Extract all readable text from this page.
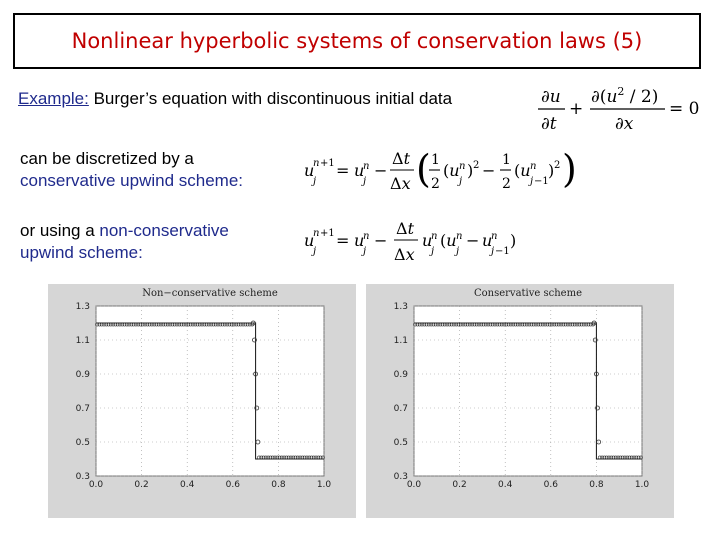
Nonlinear hyperbolic systems of conservation laws (5)
Example: Burger’s equation with discontinuous initial data	∂u
∂t
+
$\partial(u^2 / 2)$
∂x
= 0
can be discretized by a
conservative upwind scheme:
u
n +1
j
= u
n
j
−
Δt
Δx ( 1
2
(u n
j
) 2 −
1
2
(u n
j −1
) 2 )
or using a non-conservative
upwind scheme:
u
n +1
j
= u
n
j
−
Δt
Δx
u
n
j
(u n
j
− u
n
j −1
)
Non−conservative scheme
0.0	0.2	0.4	0.6	0.8	1.0
1.3
1.1
0.9
0.7
0.5
0.3
Conservative scheme
0.0	0.2	0.4	0.6	0.8	1.0
1.3
1.1
0.9
0.7
0.5
0.3
